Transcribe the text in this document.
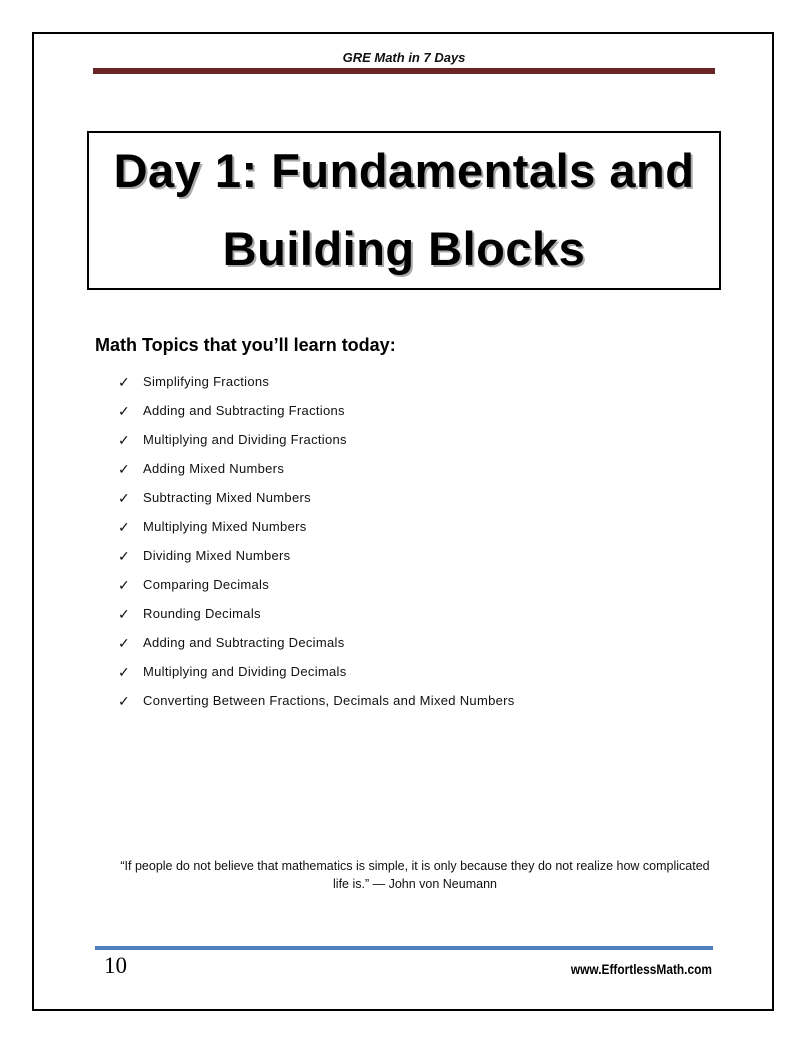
GRE Math in 7 Days
Day 1: Fundamentals and
Building Blocks
Math Topics that you’ll learn today:
✓ Simplifying Fractions
✓ Adding and Subtracting Fractions
✓ Multiplying and Dividing Fractions
✓ Adding Mixed Numbers
✓ Subtracting Mixed Numbers
✓ Multiplying Mixed Numbers
✓ Dividing Mixed Numbers
✓ Comparing Decimals
✓ Rounding Decimals
✓ Adding and Subtracting Decimals
✓ Multiplying and Dividing Decimals
✓ Converting Between Fractions, Decimals and Mixed Numbers
“If people do not believe that mathematics is simple, it is only because they do not realize how complicated life is.” — John von Neumann
10	www.EffortlessMath.com
